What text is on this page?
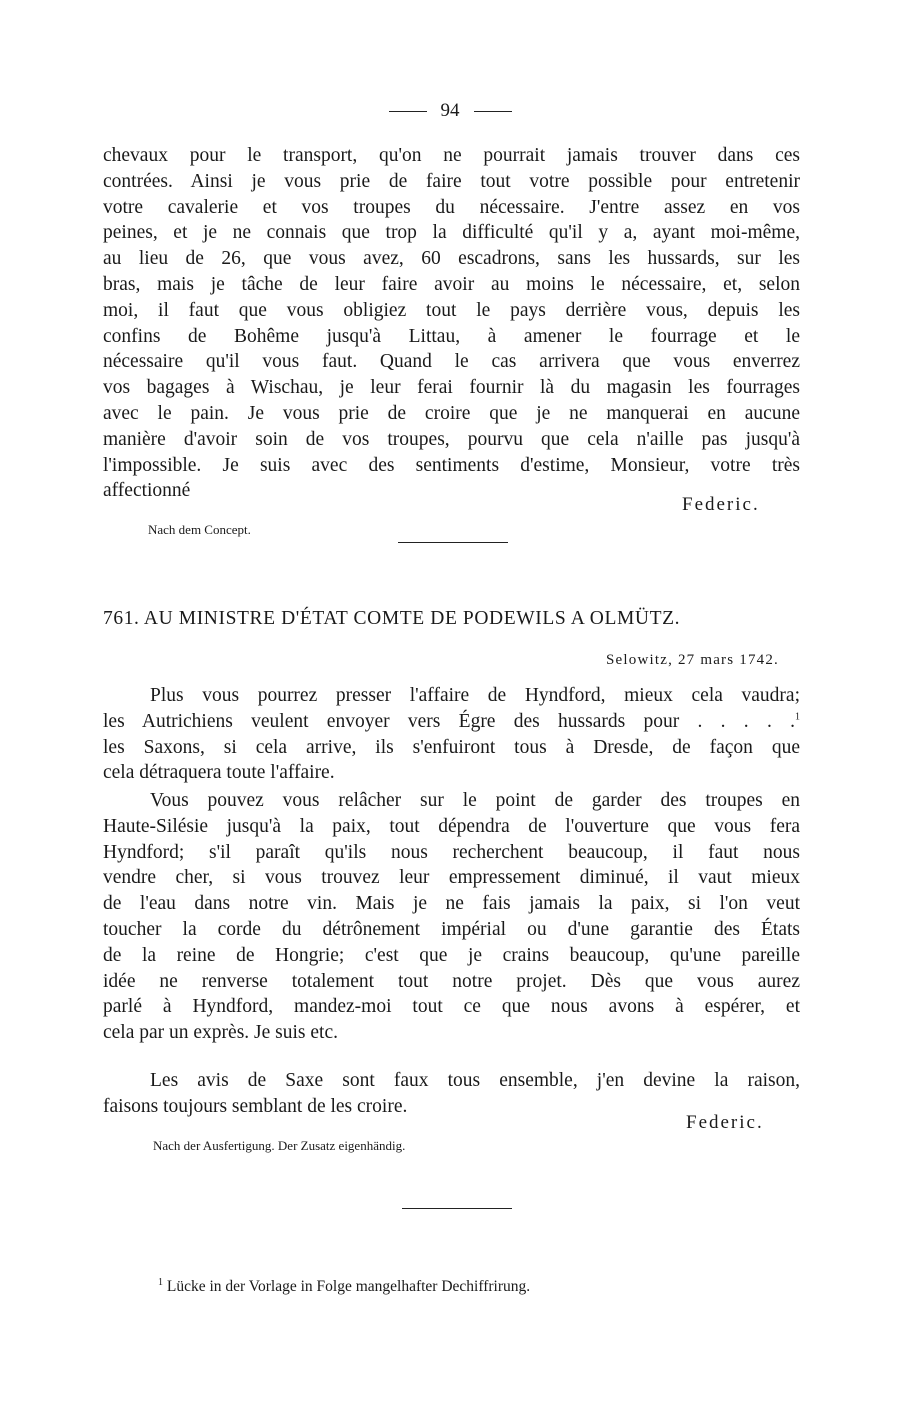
94
chevaux pour le transport, qu'on ne pourrait jamais trouver dans ces
contrées. Ainsi je vous prie de faire tout votre possible pour entretenir
votre cavalerie et vos troupes du nécessaire. J'entre assez en vos
peines, et je ne connais que trop la difficulté qu'il y a, ayant moi-même,
au lieu de 26, que vous avez, 60 escadrons, sans les hussards, sur les
bras, mais je tâche de leur faire avoir au moins le nécessaire, et, selon
moi, il faut que vous obligiez tout le pays derrière vous, depuis les
confins de Bohême jusqu'à Littau, à amener le fourrage et le
nécessaire qu'il vous faut. Quand le cas arrivera que vous enverrez
vos bagages à Wischau, je leur ferai fournir là du magasin les fourrages
avec le pain. Je vous prie de croire que je ne manquerai en aucune
manière d'avoir soin de vos troupes, pourvu que cela n'aille pas jusqu'à
l'impossible. Je suis avec des sentiments d'estime, Monsieur, votre très
affectionné
Federic.
Nach dem Concept.
761. AU MINISTRE D'ÉTAT COMTE DE PODEWILS A OLMÜTZ.
Selowitz, 27 mars 1742.
Plus vous pourrez presser l'affaire de Hyndford, mieux cela vaudra;
les Autrichiens veulent envoyer vers Égre des hussards pour . . . . .$^1$
les Saxons, si cela arrive, ils s'enfuiront tous à Dresde, de façon que
cela détraquera toute l'affaire.
Vous pouvez vous relâcher sur le point de garder des troupes en
Haute-Silésie jusqu'à la paix, tout dépendra de l'ouverture que vous fera
Hyndford; s'il paraît qu'ils nous recherchent beaucoup, il faut nous
vendre cher, si vous trouvez leur empressement diminué, il vaut mieux
de l'eau dans notre vin. Mais je ne fais jamais la paix, si l'on veut
toucher la corde du détrônement impérial ou d'une garantie des États
de la reine de Hongrie; c'est que je crains beaucoup, qu'une pareille
idée ne renverse totalement tout notre projet. Dès que vous aurez
parlé à Hyndford, mandez-moi tout ce que nous avons à espérer, et
cela par un exprès. Je suis etc.
Les avis de Saxe sont faux tous ensemble, j'en devine la raison,
faisons toujours semblant de les croire.
Federic.
Nach der Ausfertigung. Der Zusatz eigenhändig.
$^1$ Lücke in der Vorlage in Folge mangelhafter Dechiffrirung.
